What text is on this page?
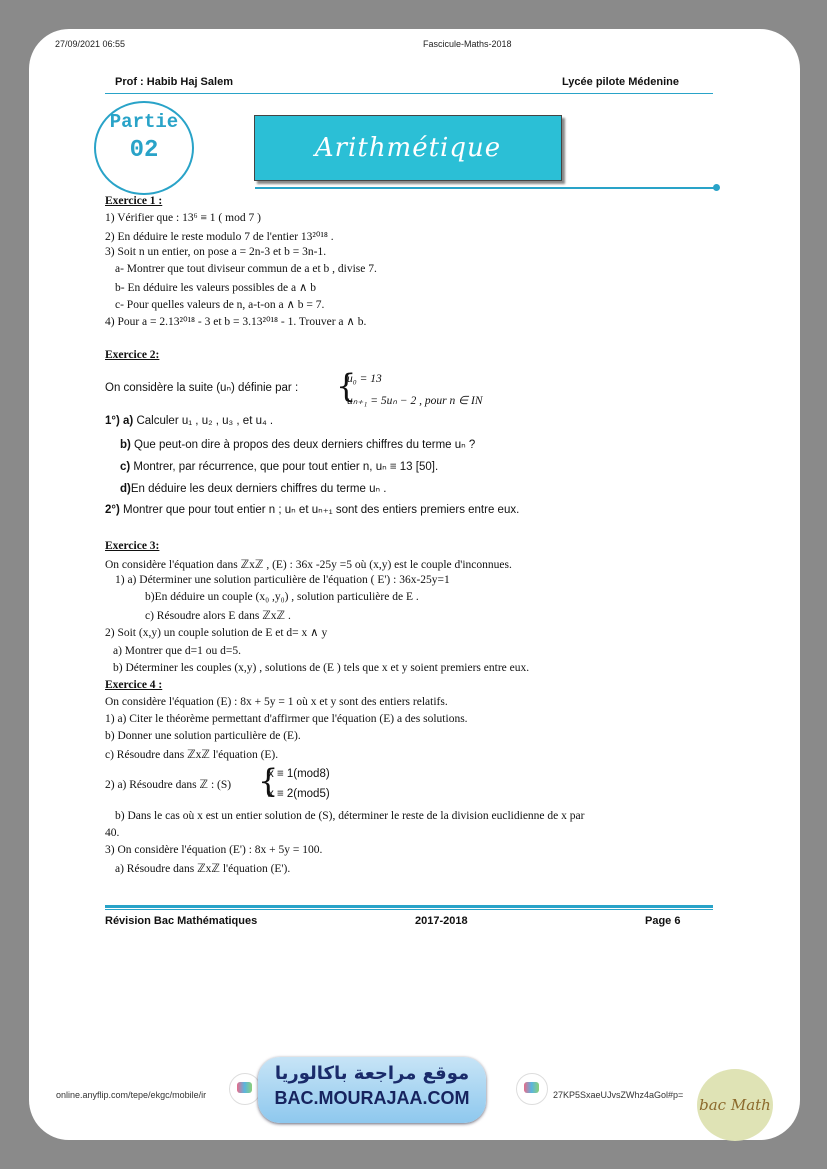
27/09/2021 06:55	Fascicule-Maths-2018
Prof : Habib Haj Salem	Lycée pilote Médenine
Partie
02	Arithmétique
Exercice 1 :
1) Vérifier que : 13⁶ ≡ 1 ( mod 7 )
2) En déduire le reste modulo 7 de l'entier 13²⁰¹⁸ .
3) Soit n un entier, on pose a = 2n-3 et b = 3n-1.
a- Montrer que tout diviseur commun de a et b , divise 7.
b- En déduire les valeurs possibles de a ∧ b
c- Pour quelles valeurs de n, a-t-on a ∧ b = 7.
4) Pour a = 2.13²⁰¹⁸ - 3 et b = 3.13²⁰¹⁸ - 1. Trouver a ∧ b.
Exercice 2:
On considère la suite (uₙ) définie par : {
u₀ = 13
uₙ₊₁ = 5uₙ − 2 , pour n ∈ IN
1°) a) Calculer u₁ , u₂ , u₃ , et u₄ .
b) Que peut-on dire à propos des deux derniers chiffres du terme uₙ ?
c) Montrer, par récurrence, que pour tout entier n, uₙ ≡ 13 [50].
d)En déduire les deux derniers chiffres du terme uₙ .
2°) Montrer que pour tout entier n ; uₙ et uₙ₊₁ sont des entiers premiers entre eux.
Exercice 3:
On considère l'équation dans ℤxℤ , (E) : 36x -25y =5 où (x,y) est le couple d'inconnues.
1) a) Déterminer une solution particulière de l'équation ( E') : 36x-25y=1
b)En déduire un couple (x₀ ,y₀) , solution particulière de E .
c) Résoudre alors E dans ℤxℤ .
2) Soit (x,y) un couple solution de E et d= x ∧ y
a) Montrer que d=1 ou d=5.
b) Déterminer les couples (x,y) , solutions de (E ) tels que x et y soient premiers entre eux.
Exercice 4 :
On considère l'équation (E) : 8x + 5y = 1 où x et y sont des entiers relatifs.
1) a) Citer le théorème permettant d'affirmer que l'équation (E) a des solutions.
b) Donner une solution particulière de (E).
c) Résoudre dans ℤxℤ l'équation (E).
2) a) Résoudre dans ℤ : (S) {
x ≡ 1(mod8)
x ≡ 2(mod5)
b) Dans le cas où x est un entier solution de (S), déterminer le reste de la division euclidienne de x par
40.
3) On considère l'équation (E') : 8x + 5y = 100.
a) Résoudre dans ℤxℤ l'équation (E').
Révision Bac Mathématiques	2017-2018	Page 6
online.anyflip.com/tepe/ekgc/mobile/ir	27KP5SxaeUJvsZWhz4aGol#p=
موقع مراجعة باكالوريا
BAC.MOURAJAA.COM	bac Math
